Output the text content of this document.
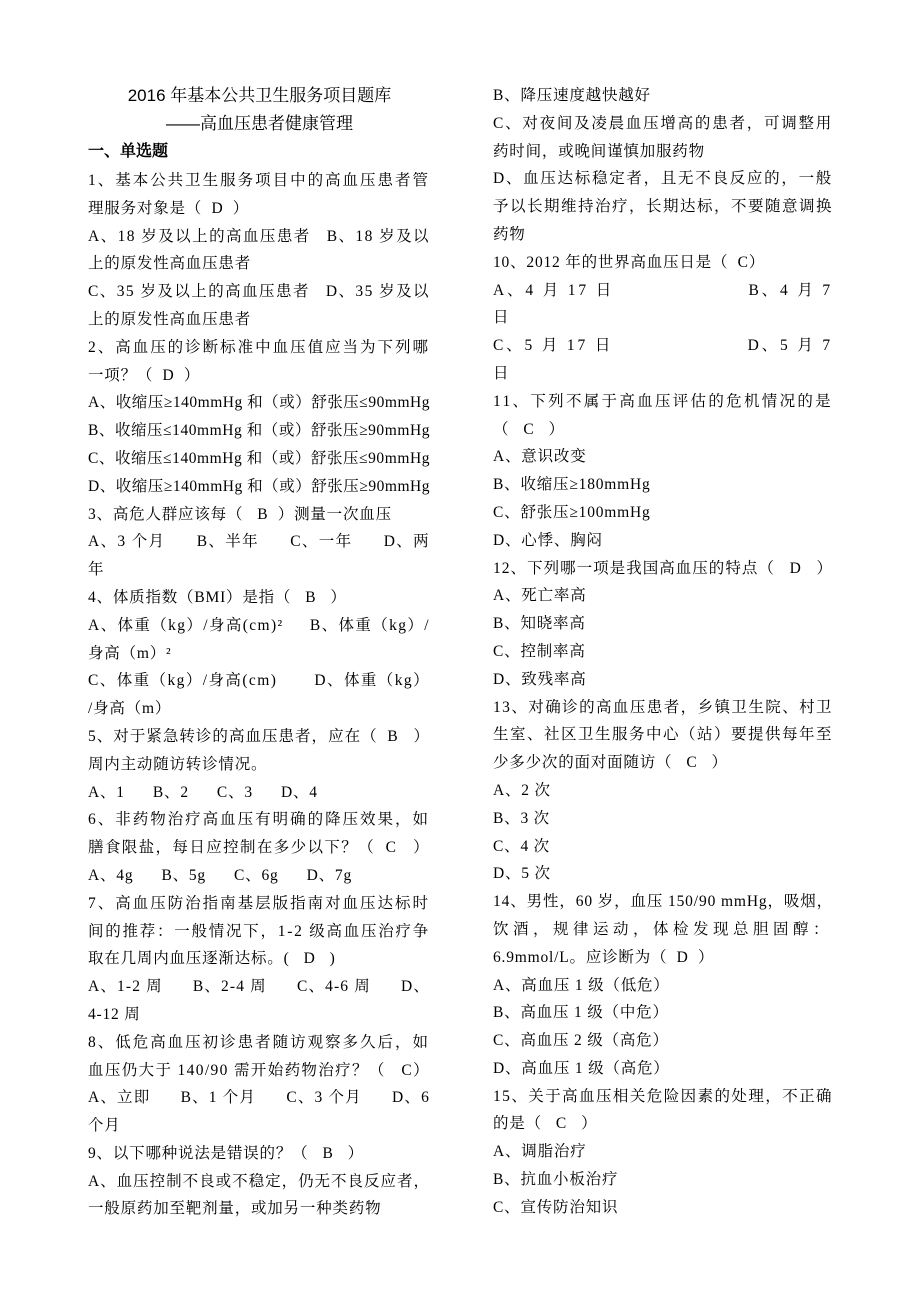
2016 年基本公共卫生服务项目题库
——高血压患者健康管理
一、单选题
1、基本公共卫生服务项目中的高血压患者管
理服务对象是（  D  ）
A、18 岁及以上的高血压患者   B、18 岁及以
上的原发性高血压患者
C、35 岁及以上的高血压患者   D、35 岁及以
上的原发性高血压患者
2、高血压的诊断标准中血压值应当为下列哪
一项？（  D  ）
A、收缩压≥140mmHg 和（或）舒张压≤90mmHg
B、收缩压≤140mmHg 和（或）舒张压≥90mmHg
C、收缩压≤140mmHg 和（或）舒张压≤90mmHg
D、收缩压≥140mmHg 和（或）舒张压≥90mmHg
3、高危人群应该每（   B  ）测量一次血压
A、3 个月      B、半年      C、一年      D、两
年
4、体质指数（BMI）是指（   B   ）
A、体重（kg）/身高(cm)²     B、体重（kg）/
身高（m）²
C、体重（kg）/身高(cm)       D、体重（kg）
/身高（m）
5、对于紧急转诊的高血压患者，应在（  B   ）
周内主动随访转诊情况。
A、1      B、2      C、3      D、4
6、非药物治疗高血压有明确的降压效果，如
膳食限盐，每日应控制在多少以下？（  C   ）
A、4g      B、5g      C、6g      D、7g
7、高血压防治指南基层版指南对血压达标时
间的推荐：一般情况下，1-2 级高血压治疗争
取在几周内血压逐渐达标。(   D   )
A、1-2 周      B、2-4 周      C、4-6 周      D、
4-12 周
8、低危高血压初诊患者随访观察多久后，如
血压仍大于 140/90 需开始药物治疗？（   C）
A、立即      B、1 个月      C、3 个月      D、6
个月
9、以下哪种说法是错误的？（   B   ）
A、血压控制不良或不稳定，仍无不良反应者，
一般原药加至靶剂量，或加另一种类药物
B、降压速度越快越好
C、对夜间及凌晨血压增高的患者，可调整用
药时间，或晚间谨慎加服药物
D、血压达标稳定者，且无不良反应的，一般
予以长期维持治疗，长期达标，不要随意调换
药物
10、2012 年的世界高血压日是（  C）
A、4 月 17 日                    B、4 月 7
日
C、5 月 17 日                    D、5 月 7
日
11、下列不属于高血压评估的危机情况的是
（   C   ）
A、意识改变
B、收缩压≥180mmHg
C、舒张压≥100mmHg
D、心悸、胸闷
12、下列哪一项是我国高血压的特点（   D   ）
A、死亡率高
B、知晓率高
C、控制率高
D、致残率高
13、对确诊的高血压患者，乡镇卫生院、村卫
生室、社区卫生服务中心（站）要提供每年至
少多少次的面对面随访（   C   ）
A、2 次
B、3 次
C、4 次
D、5 次
14、男性，60 岁，血压 150/90 mmHg，吸烟，
饮酒，规律运动，体检发现总胆固醇：
6.9mmol/L。应诊断为（  D  ）
A、高血压 1 级（低危）
B、高血压 1 级（中危）
C、高血压 2 级（高危）
D、高血压 1 级（高危）
15、关于高血压相关危险因素的处理，不正确
的是（   C   ）
A、调脂治疗
B、抗血小板治疗
C、宣传防治知识
